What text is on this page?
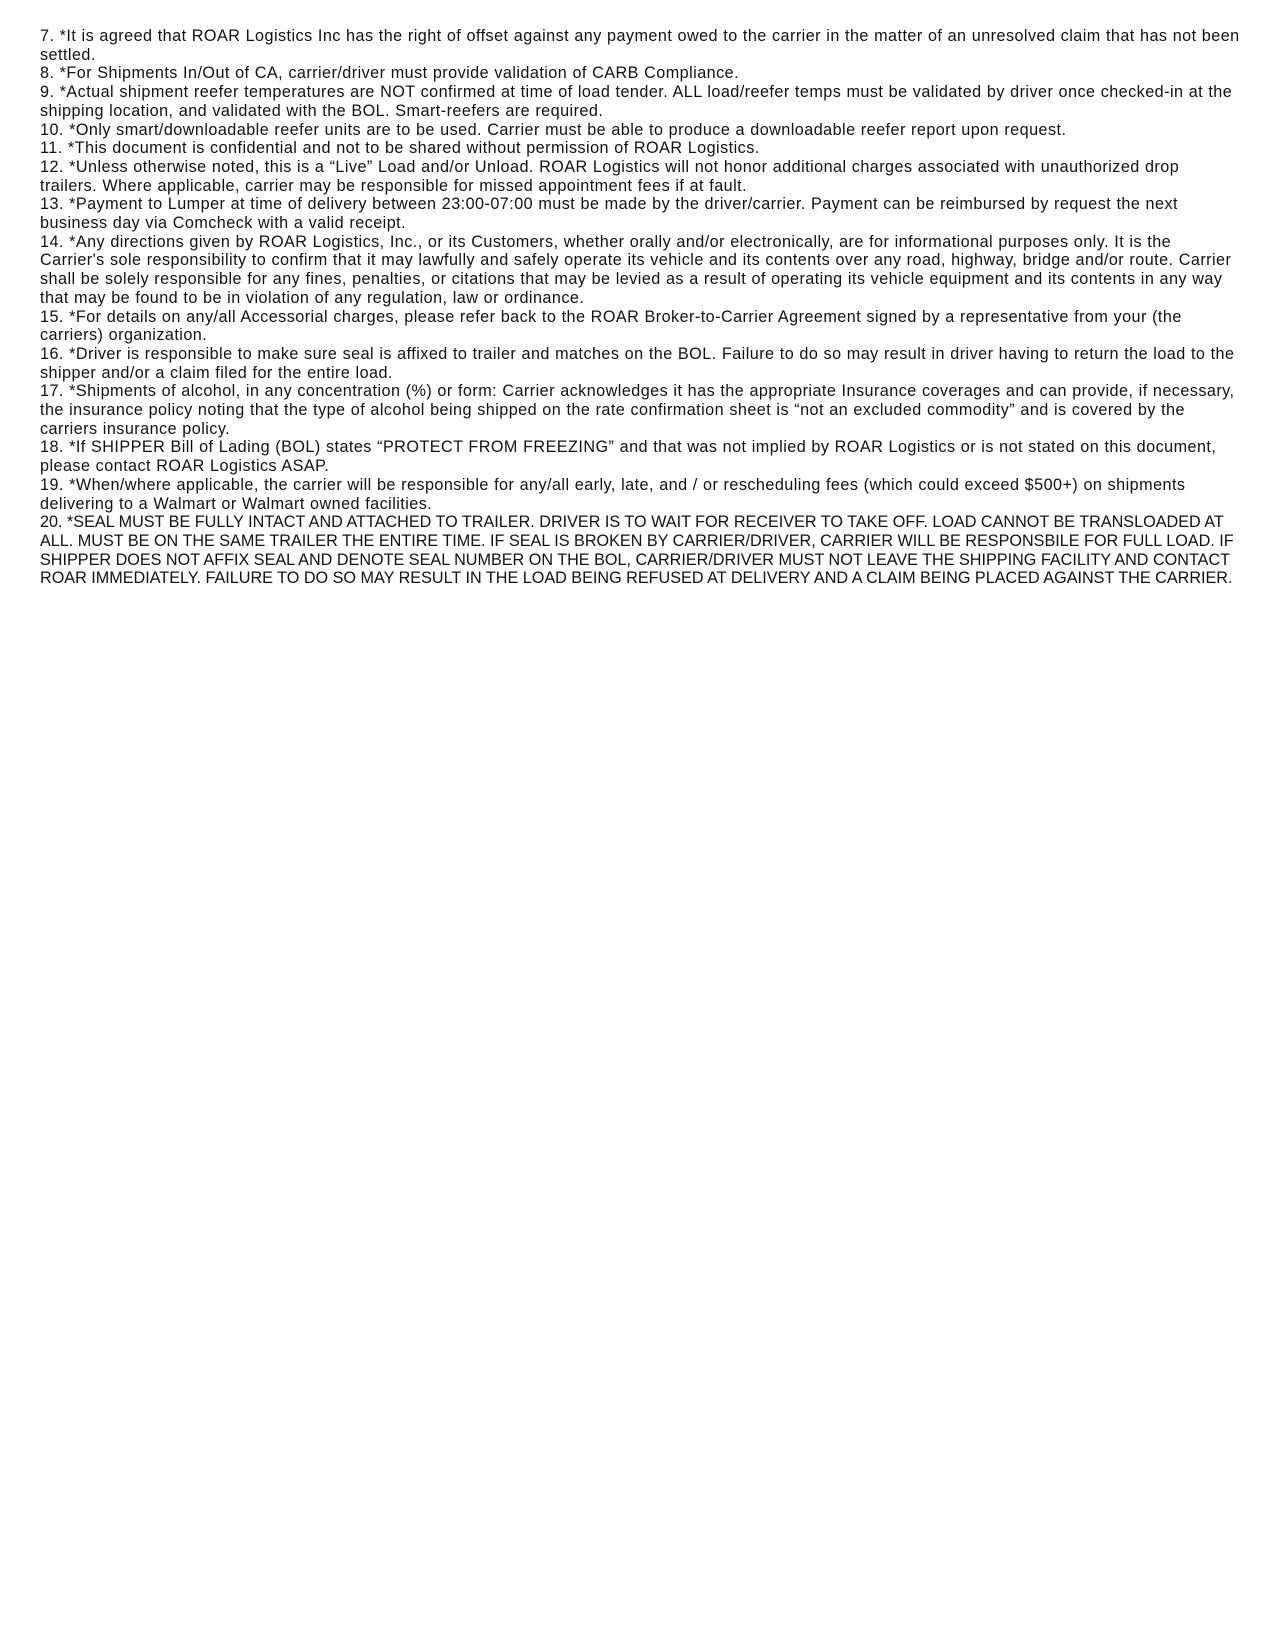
7. *It is agreed that ROAR Logistics Inc has the right of offset against any payment owed to the carrier in the matter of an unresolved claim that has not been settled.

8. *For Shipments In/Out of CA, carrier/driver must provide validation of CARB Compliance.

9. *Actual shipment reefer temperatures are NOT confirmed at time of load tender. ALL load/reefer temps must be validated by driver once checked-in at the shipping location, and validated with the BOL. Smart-reefers are required.

10. *Only smart/downloadable reefer units are to be used. Carrier must be able to produce a downloadable reefer report upon request.

11. *This document is confidential and not to be shared without permission of ROAR Logistics.

12. *Unless otherwise noted, this is a “Live” Load and/or Unload. ROAR Logistics will not honor additional charges associated with unauthorized drop trailers. Where applicable, carrier may be responsible for missed appointment fees if at fault.

13. *Payment to Lumper at time of delivery between 23:00-07:00 must be made by the driver/carrier. Payment can be reimbursed by request the next business day via Comcheck with a valid receipt.

14. *Any directions given by ROAR Logistics, Inc., or its Customers, whether orally and/or electronically, are for informational purposes only. It is the Carrier's sole responsibility to confirm that it may lawfully and safely operate its vehicle and its contents over any road, highway, bridge and/or route. Carrier shall be solely responsible for any fines, penalties, or citations that may be levied as a result of operating its vehicle equipment and its contents in any way that may be found to be in violation of any regulation, law or ordinance.

15. *For details on any/all Accessorial charges, please refer back to the ROAR Broker-to-Carrier Agreement signed by a representative from your (the carriers) organization.

16. *Driver is responsible to make sure seal is affixed to trailer and matches on the BOL. Failure to do so may result in driver having to return the load to the shipper and/or a claim filed for the entire load.

17. *Shipments of alcohol, in any concentration (%) or form: Carrier acknowledges it has the appropriate Insurance coverages and can provide, if necessary, the insurance policy noting that the type of alcohol being shipped on the rate confirmation sheet is “not an excluded commodity” and is covered by the carriers insurance policy.

18. *If SHIPPER Bill of Lading (BOL) states “PROTECT FROM FREEZING” and that was not implied by ROAR Logistics or is not stated on this document, please contact ROAR Logistics ASAP.

19. *When/where applicable, the carrier will be responsible for any/all early, late, and / or rescheduling fees (which could exceed $500+) on shipments delivering to a Walmart or Walmart owned facilities.

20. *SEAL MUST BE FULLY INTACT AND ATTACHED TO TRAILER. DRIVER IS TO WAIT FOR RECEIVER TO TAKE OFF. LOAD CANNOT BE TRANSLOADED AT ALL. MUST BE ON THE SAME TRAILER THE ENTIRE TIME. IF SEAL IS BROKEN BY CARRIER/DRIVER, CARRIER WILL BE RESPONSBILE FOR FULL LOAD. IF SHIPPER DOES NOT AFFIX SEAL AND DENOTE SEAL NUMBER ON THE BOL, CARRIER/DRIVER MUST NOT LEAVE THE SHIPPING FACILITY AND CONTACT ROAR IMMEDIATELY. FAILURE TO DO SO MAY RESULT IN THE LOAD BEING REFUSED AT DELIVERY AND A CLAIM BEING PLACED AGAINST THE CARRIER.
